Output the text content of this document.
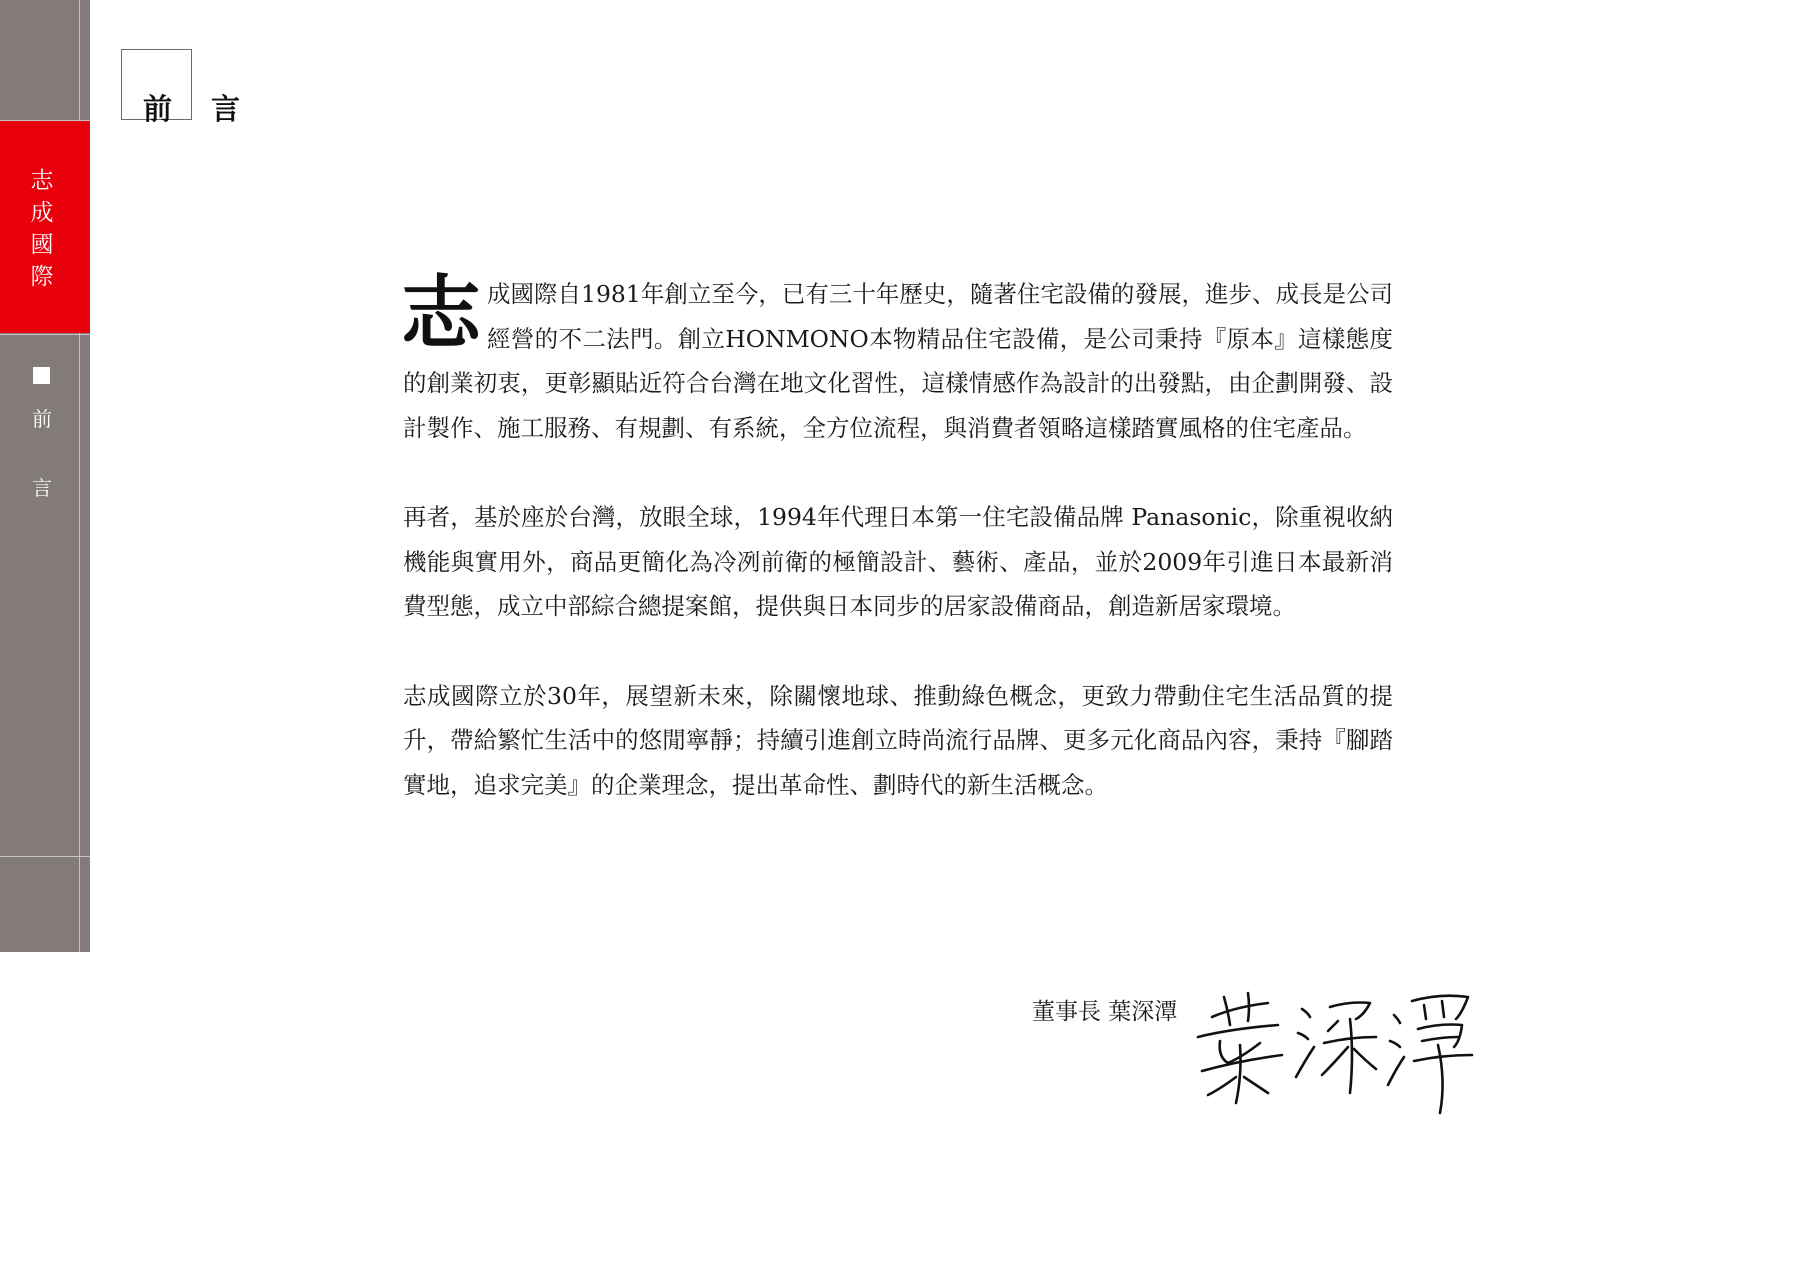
志成國際
前
言
前 言

志成國際自1981年創立至今，已有三十年歷史，隨著住宅設備的發展，進步、成長是公司經營的不二法門。創立HONMONO本物精品住宅設備，是公司秉持『原本』這樣態度的創業初衷，更彰顯貼近符合台灣在地文化習性，這樣情感作為設計的出發點，由企劃開發、設計製作、施工服務、有規劃、有系統，全方位流程，與消費者領略這樣踏實風格的住宅產品。

再者，基於座於台灣，放眼全球，1994年代理日本第一住宅設備品牌 Panasonic，除重視收納機能與實用外，商品更簡化為冷冽前衛的極簡設計、藝術、產品，並於2009年引進日本最新消費型態，成立中部綜合總提案館，提供與日本同步的居家設備商品，創造新居家環境。

志成國際立於30年，展望新未來，除關懷地球、推動綠色概念，更致力帶動住宅生活品質的提升，帶給繁忙生活中的悠閒寧靜；持續引進創立時尚流行品牌、更多元化商品內容，秉持『腳踏實地，追求完美』的企業理念，提出革命性、劃時代的新生活概念。

董事長 葉深潭
